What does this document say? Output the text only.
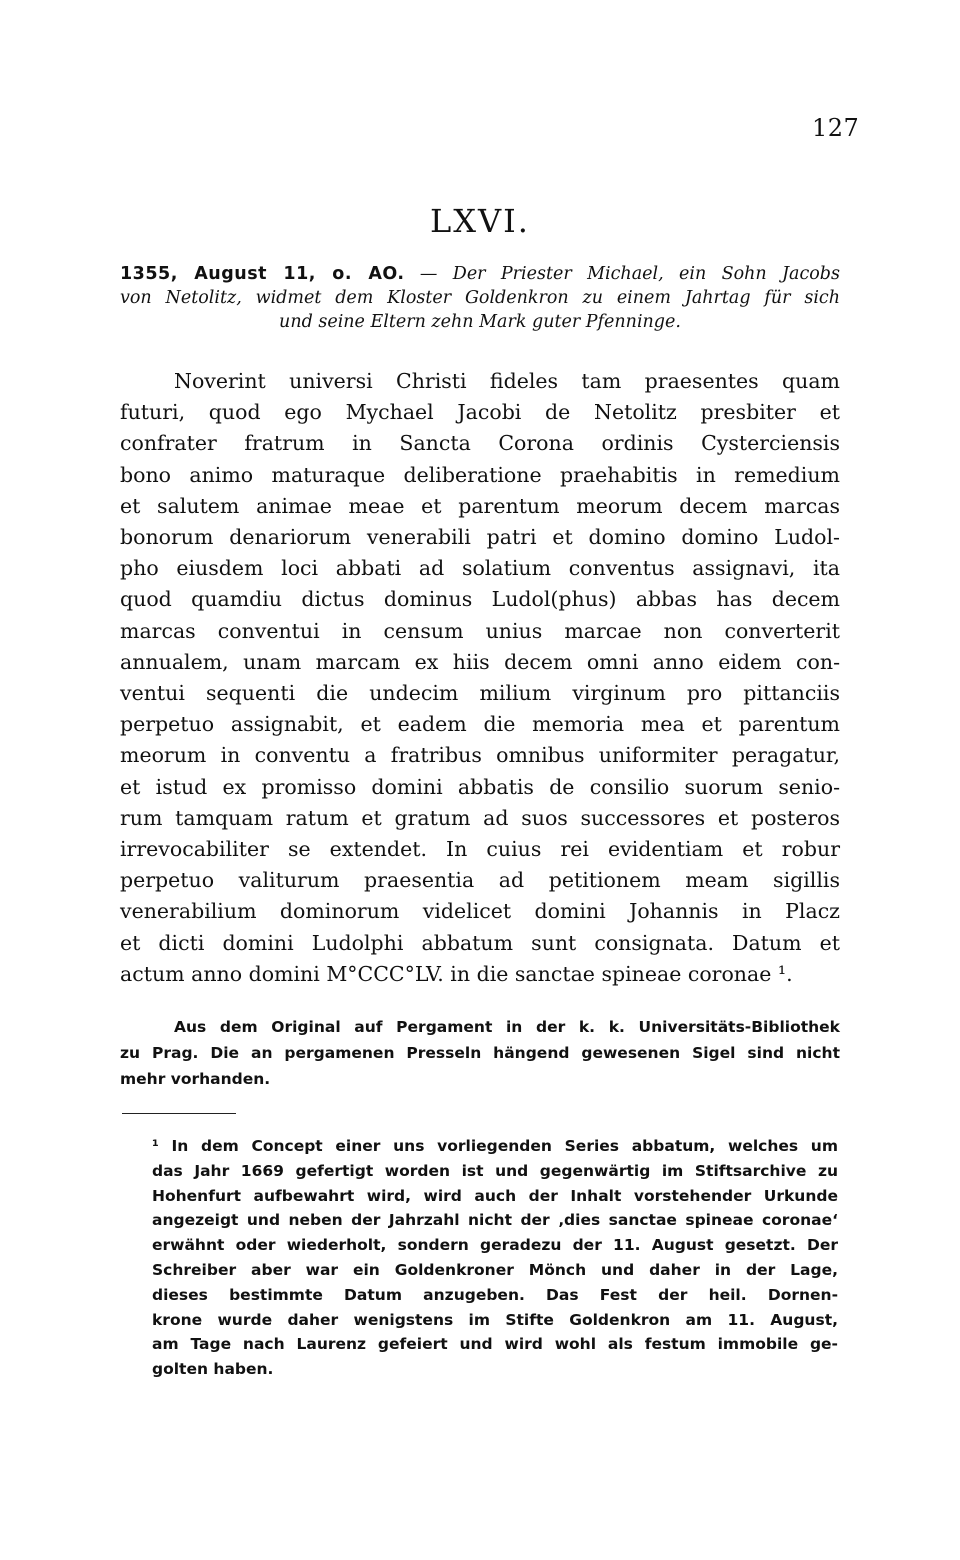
127
LXVI.
1355, August 11, o. AO. — Der Priester Michael, ein Sohn Jacobs
von Netolitz, widmet dem Kloster Goldenkron zu einem Jahrtag für sich
und seine Eltern zehn Mark guter Pfenninge.
Noverint universi Christi fideles tam praesentes quam
futuri, quod ego Mychael Jacobi de Netolitz presbiter et
confrater fratrum in Sancta Corona ordinis Cysterciensis
bono animo maturaque deliberatione praehabitis in remedium
et salutem animae meae et parentum meorum decem marcas
bonorum denariorum venerabili patri et domino domino Ludol-
pho eiusdem loci abbati ad solatium conventus assignavi, ita
quod quamdiu dictus dominus Ludol(phus) abbas has decem
marcas conventui in censum unius marcae non converterit
annualem, unam marcam ex hiis decem omni anno eidem con-
ventui sequenti die undecim milium virginum pro pittanciis
perpetuo assignabit, et eadem die memoria mea et parentum
meorum in conventu a fratribus omnibus uniformiter peragatur,
et istud ex promisso domini abbatis de consilio suorum senio-
rum tamquam ratum et gratum ad suos successores et posteros
irrevocabiliter se extendet. In cuius rei evidentiam et robur
perpetuo valiturum praesentia ad petitionem meam sigillis
venerabilium dominorum videlicet domini Johannis in Placz
et dicti domini Ludolphi abbatum sunt consignata. Datum et
actum anno domini M°CCC°LV. in die sanctae spineae coronae ¹.
Aus dem Original auf Pergament in der k. k. Universitäts-Bibliothek
zu Prag. Die an pergamenen Presseln hängend gewesenen Sigel sind nicht
mehr vorhanden.
¹ In dem Concept einer uns vorliegenden Series abbatum, welches um
das Jahr 1669 gefertigt worden ist und gegenwärtig im Stiftsarchive zu
Hohenfurt aufbewahrt wird, wird auch der Inhalt vorstehender Urkunde
angezeigt und neben der Jahrzahl nicht der ‚dies sanctae spineae coronae‘
erwähnt oder wiederholt, sondern geradezu der 11. August gesetzt. Der
Schreiber aber war ein Goldenkroner Mönch und daher in der Lage,
dieses bestimmte Datum anzugeben. Das Fest der heil. Dornen-
krone wurde daher wenigstens im Stifte Goldenkron am 11. August,
am Tage nach Laurenz gefeiert und wird wohl als festum immobile ge-
golten haben.
